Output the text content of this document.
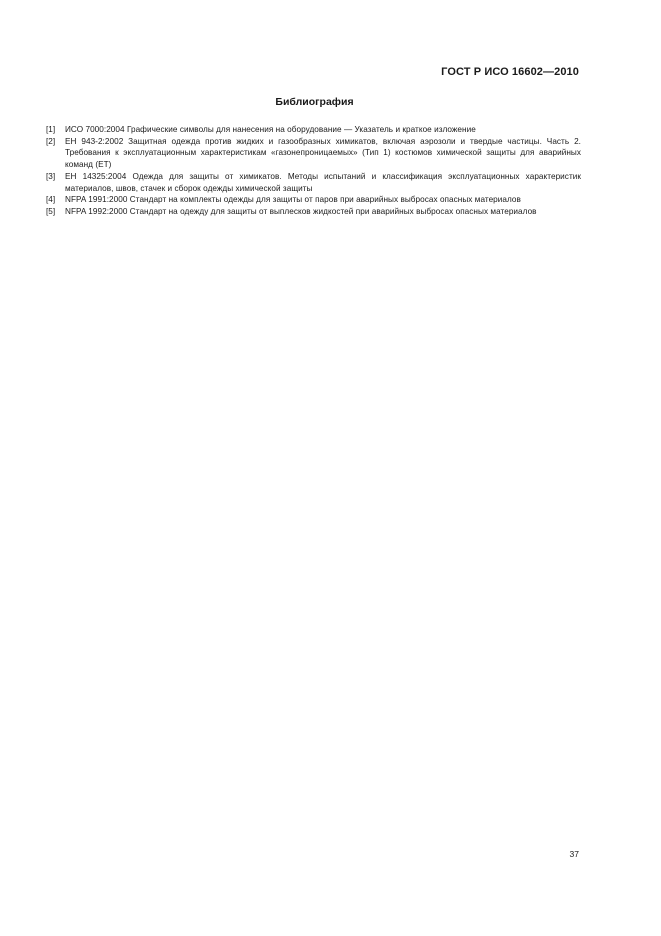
ГОСТ Р ИСО 16602—2010
Библиография
[1]	ИСО 7000:2004 Графические символы для нанесения на оборудование — Указатель и краткое изложение
[2]	ЕН 943-2:2002 Защитная одежда против жидких и газообразных химикатов, включая аэрозоли и твердые частицы. Часть 2. Требования к эксплуатационным характеристикам «газонепроницаемых» (Тип 1) костюмов химической защиты для аварийных команд (ET)
[3]	ЕН 14325:2004 Одежда для защиты от химикатов. Методы испытаний и классификация эксплуатационных характеристик материалов, швов, стачек и сборок одежды химической защиты
[4]	NFPA 1991:2000 Стандарт на комплекты одежды для защиты от паров при аварийных выбросах опасных материалов
[5]	NFPA 1992:2000 Стандарт на одежду для защиты от выплесков жидкостей при аварийных выбросах опасных материалов
37
